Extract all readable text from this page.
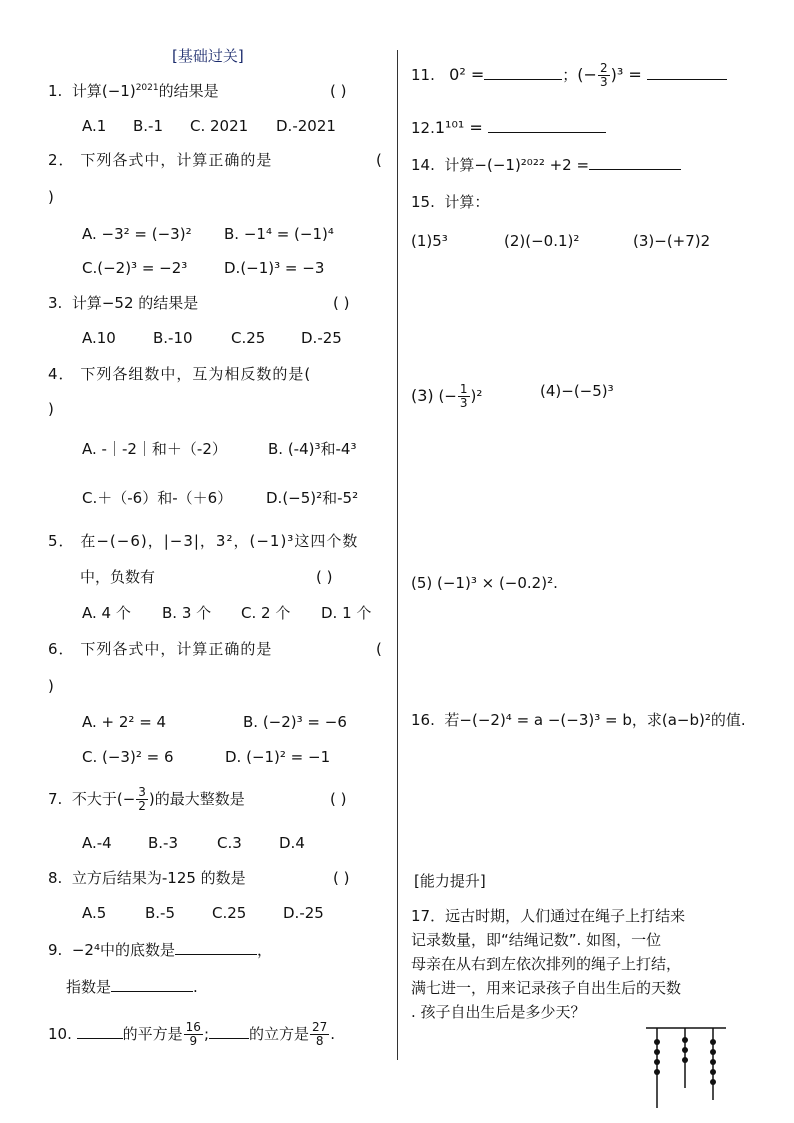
[基础过关]
1. 计算$(-1)^{2021}$的结果是	( )
A.1 B.-1 C. 2021 D.-2021
2． 下列各式中，计算正确的是	(
)
A. −3² = (−3)² B. −1⁴ = (−1)⁴
C.(−2)³ = −2³ D.(−1)³ = −3
3. 计算−52 的结果是	( )
A.10 B.-10	C.25 D.-25
4． 下列各组数中，互为相反数的是(
)
A. -｜-2｜和＋（-2）	B. (-4)³和-4³
C.＋（-6）和-（＋6） D.(−5)²和-5²
5． 在−(−6)，|−3|，3²，(−1)³这四个数
中，负数有	( )
A. 4 个 B. 3 个 C. 2 个 D. 1 个
6． 下列各式中，计算正确的是	(
)
A. + 2² = 4	B. (−2)³ = −6
C. (−3)² = 6	D. (−1)² = −1
7. 不大于(− $\frac{3}{2}$ )的最大整数是	( )
A.-4 B.-3	C.3 D.4
8. 立方后结果为-125 的数是	( )
A.5	B.-5 C.25 D.-25
9. −2⁴中的底数是	，
指数是	.
10.	的平方是 $\frac{16}{9}$ ;	的立方是 $\frac{27}{8}$ .
11. 0² =	；(− $\frac{2}{3} )^3$ =
12.1¹⁰¹ =
14. 计算−(−1)²⁰²² +2 =
15. 计算：
(1)5³	(2)(−0.1)²	(3)−(+7)2
(3) (− $\frac{1}{3} )^2$	(4)−(−5)³
(5) (−1)³ × (−0.2)².
16. 若−(−2)⁴ = a −(−3)³ = b，求(a−b)²的值.
[能力提升]
17．远古时期，人们通过在绳子上打结来
记录数量，即“结绳记数”. 如图，一位
母亲在从右到左依次排列的绳子上打结，
满七进一，用来记录孩子自出生后的天数
. 孩子自出生后是多少天？
